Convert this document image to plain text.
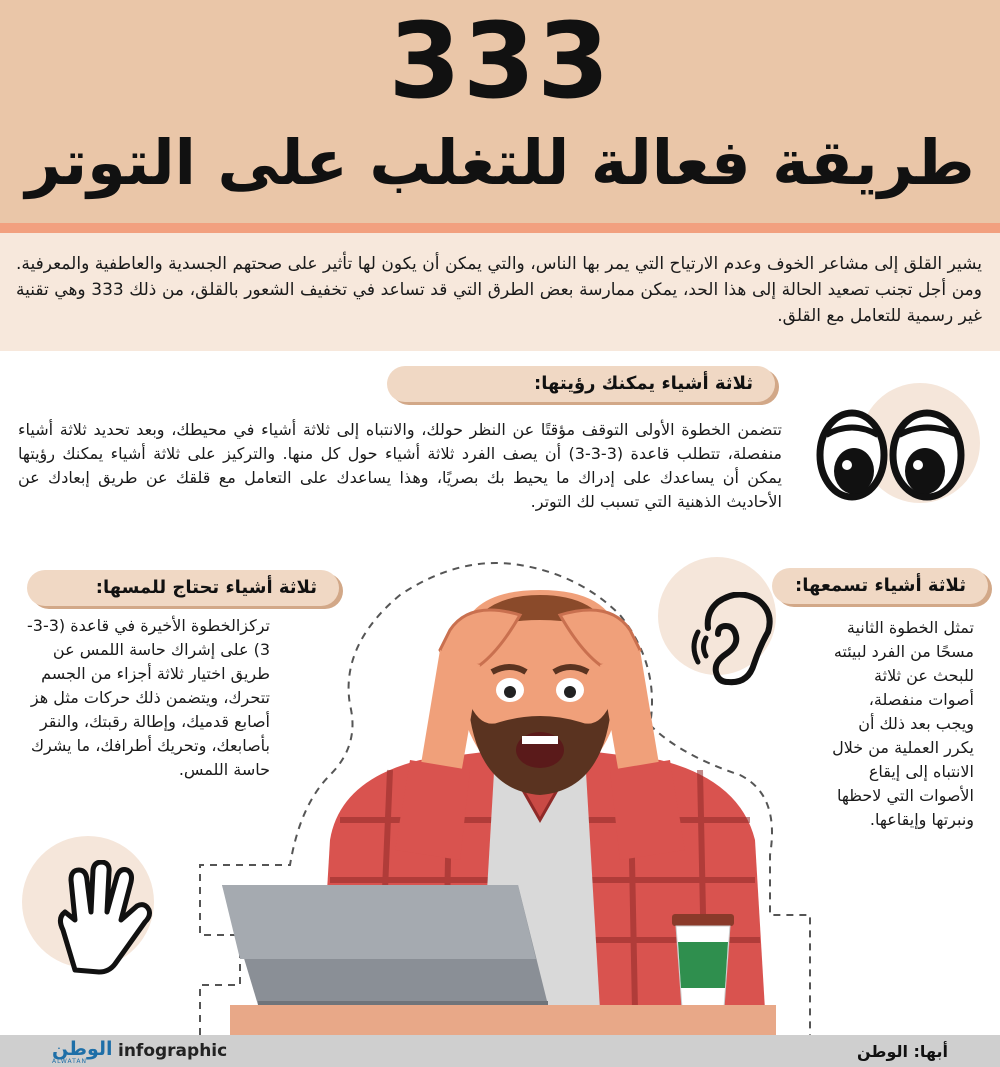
333
طريقة فعالة للتغلب على التوتر

يشير القلق إلى مشاعر الخوف وعدم الارتياح التي يمر بها الناس، والتي يمكن أن يكون لها تأثير على صحتهم الجسدية والعاطفية والمعرفية. ومن أجل تجنب تصعيد الحالة إلى هذا الحد، يمكن ممارسة بعض الطرق التي قد تساعد في تخفيف الشعور بالقلق، من ذلك 333 وهي تقنية غير رسمية للتعامل مع القلق.

ثلاثة أشياء يمكنك رؤيتها:
تتضمن الخطوة الأولى التوقف مؤقتًا عن النظر حولك، والانتباه إلى ثلاثة أشياء في محيطك، وبعد تحديد ثلاثة أشياء منفصلة، تتطلب قاعدة (3-3-3) أن يصف الفرد ثلاثة أشياء حول كل منها. والتركيز على ثلاثة أشياء يمكنك رؤيتها يمكن أن يساعدك على إدراك ما يحيط بك بصريًا، وهذا يساعدك على التعامل مع قلقك عن طريق إبعادك عن الأحاديث الذهنية التي تسبب لك التوتر.
ثلاثة أشياء تحتاج للمسها:
تركزالخطوة الأخيرة في قاعدة (3-3-3) على إشراك حاسة اللمس عن طريق اختيار ثلاثة أجزاء من الجسم تتحرك، ويتضمن ذلك حركات مثل هز أصابع قدميك، وإطالة رقبتك، والنقر بأصابعك، وتحريك أطرافك، ما يشرك حاسة اللمس.
ثلاثة أشياء تسمعها:
تمثل الخطوة الثانية مسحًا من الفرد لبيئته للبحث عن ثلاثة أصوات منفصلة، ويجب بعد ذلك أن يكرر العملية من خلال الانتباه إلى إيقاع الأصوات التي لاحظها ونبرتها وإيقاعها.
أبها: الوطن
infographic
الوطن
ALWATAN
